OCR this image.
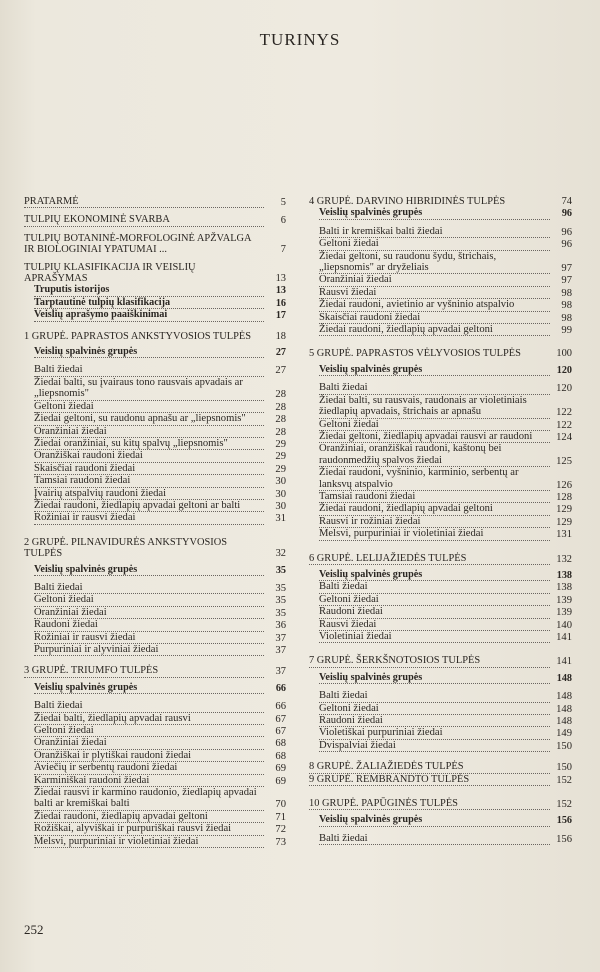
TURINYS
PRATARMĖ	5
TULPIŲ EKONOMINĖ SVARBA	6
TULPIŲ BOTANINĖ-MORFOLOGINĖ APŽVALGA IR BIOLOGINIAI YPATUMAI ...	7
TULPIŲ KLASIFIKACIJA IR VEISLIŲ APRAŠYMAS	13
Truputis istorijos	13
Tarptautinė tulpių klasifikacija	16
Veislių aprašymo paaiškinimai	17
1 GRUPĖ. PAPRASTOS ANKSTYVOSIOS TULPĖS	18
Veislių spalvinės grupės	27
Balti žiedai	27
Žiedai balti, su įvairaus tono rausvais apvadais ar „liepsnomis"	28
Geltoni žiedai	28
Žiedai geltoni, su raudonu apnašu ar „liepsnomis"	28
Oranžiniai žiedai	28
Žiedai oranžiniai, su kitų spalvų „liepsnomis"	29
Oranžiškai raudoni žiedai	29
Skaisčiai raudoni žiedai	29
Tamsiai raudoni žiedai	30
Įvairių atspalvių raudoni žiedai	30
Žiedai raudoni, žiedlapių apvadai geltoni ar balti	30
Rožiniai ir rausvi žiedai	31
2 GRUPĖ. PILNAVIDURĖS ANKSTYVOSIOS TULPĖS	32
Veislių spalvinės grupės	35
Balti žiedai	35
Geltoni žiedai	35
Oranžiniai žiedai	35
Raudoni žiedai	36
Rožiniai ir rausvi žiedai	37
Purpuriniai ir alyviniai žiedai	37
3 GRUPĖ. TRIUMFO TULPĖS	37
Veislių spalvinės grupės	66
Balti žiedai	66
Žiedai balti, žiedlapių apvadai rausvi	67
Geltoni žiedai	67
Oranžiniai žiedai	68
Oranžiškai ir plytiškai raudoni žiedai	68
Aviečių ir serbentų raudoni žiedai	69
Karminiškai raudoni žiedai	69
Žiedai rausvi ir karmino raudonio, žiedlapių apvadai balti ar kremiškai balti	70
Žiedai raudoni, žiedlapių apvadai geltoni	71
Rožiškai, alyviškai ir purpuriškai rausvi žiedai	72
Melsvi, purpuriniai ir violetiniai žiedai	73
4 GRUPĖ. DARVINO HIBRIDINĖS TULPĖS	74
Veislių spalvinės grupės	96
Balti ir kremiškai balti žiedai	96
Geltoni žiedai	96
Žiedai geltoni, su raudonu šydu, štrichais, „liepsnomis" ar dryželiais	97
Oranžiniai žiedai	97
Rausvi žiedai	98
Žiedai raudoni, avietinio ar vyšninio atspalvio	98
Skaisčiai raudoni žiedai	98
Žiedai raudoni, žiedlapių apvadai geltoni	99
5 GRUPĖ. PAPRASTOS VĖLYVOSIOS TULPĖS	100
Veislių spalvinės grupės	120
Balti žiedai	120
Žiedai balti, su rausvais, raudonais ar violetiniais žiedlapių apvadais, štrichais ar apnašu	122
Geltoni žiedai	122
Žiedai geltoni, žiedlapių apvadai rausvi ar raudoni	124
Oranžiniai, oranžiškai raudoni, kaštonų bei raudonmedžių spalvos žiedai	125
Žiedai raudoni, vyšninio, karminio, serbentų ar lanksvų atspalvio	126
Tamsiai raudoni žiedai	128
Žiedai raudoni, žiedlapių apvadai geltoni	129
Rausvi ir rožiniai žiedai	129
Melsvi, purpuriniai ir violetiniai žiedai	131
6 GRUPĖ. LELIJAŽIEDĖS TULPĖS	132
Veislių spalvinės grupės	138
Balti žiedai	138
Geltoni žiedai	139
Raudoni žiedai	139
Rausvi žiedai	140
Violetiniai žiedai	141
7 GRUPĖ. ŠERKŠNOTOSIOS TULPĖS	141
Veislių spalvinės grupės	148
Balti žiedai	148
Geltoni žiedai	148
Raudoni žiedai	148
Violetiškai purpuriniai žiedai	149
Dvispalviai žiedai	150
8 GRUPĖ. ŽALIAŽIEDĖS TULPĖS	150
9 GRUPĖ. REMBRANDTO TULPĖS	152
10 GRUPĖ. PAPŪGINĖS TULPĖS	152
Veislių spalvinės grupės	156
Balti žiedai	156
252
